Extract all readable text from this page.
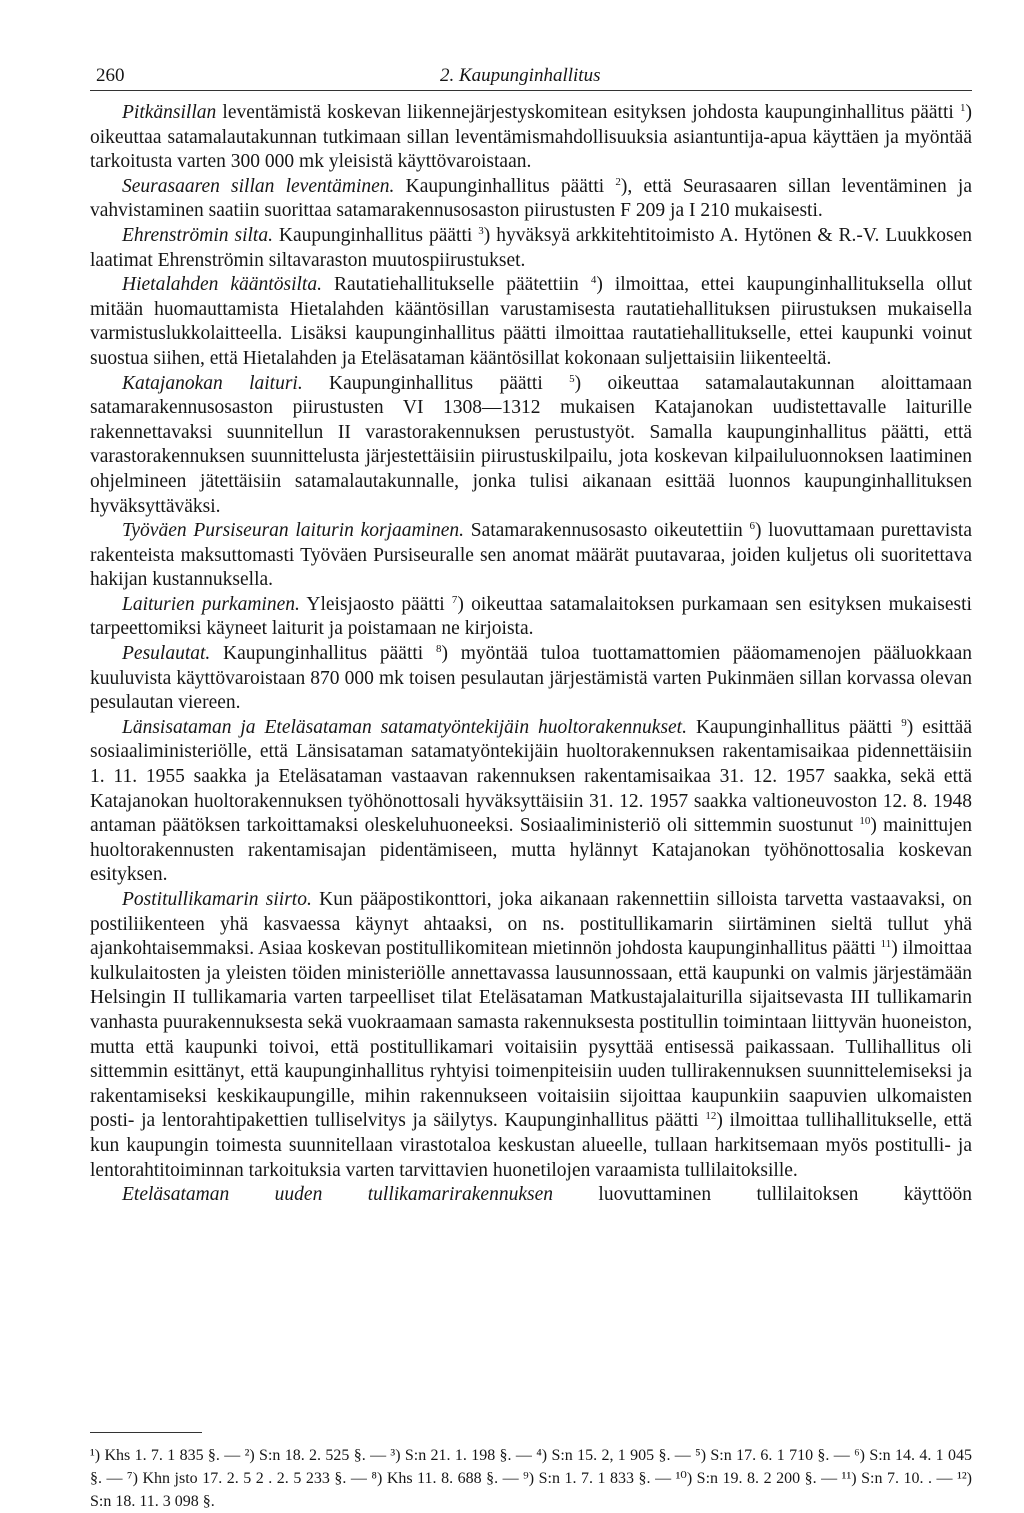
260	2. Kaupunginhallitus

Pitkänsillan leventämistä koskevan liikennejärjestyskomitean esityksen johdosta kaupunginhallitus päätti $^1$) oikeuttaa satamalautakunnan tutkimaan sillan leventämismahdollisuuksia asiantuntija-apua käyttäen ja myöntää tarkoitusta varten 300 000 mk yleisistä käyttövaroistaan.

Seurasaaren sillan leventäminen. Kaupunginhallitus päätti $^2$), että Seurasaaren sillan leventäminen ja vahvistaminen saatiin suorittaa satamarakennusosaston piirustusten F 209 ja I 210 mukaisesti.

Ehrenströmin silta. Kaupunginhallitus päätti $^3$) hyväksyä arkkitehtitoimisto A. Hytönen & R.-V. Luukkosen laatimat Ehrenströmin siltavaraston muutospiirustukset.

Hietalahden kääntösilta. Rautatiehallitukselle päätettiin $^4$) ilmoittaa, ettei kaupunginhallituksella ollut mitään huomauttamista Hietalahden kääntösillan varustamisesta rautatiehallituksen piirustuksen mukaisella varmistuslukkolaitteella. Lisäksi kaupunginhallitus päätti ilmoittaa rautatiehallitukselle, ettei kaupunki voinut suostua siihen, että Hietalahden ja Eteläsataman kääntösillat kokonaan suljettaisiin liikenteeltä.

Katajanokan laituri. Kaupunginhallitus päätti $^5$) oikeuttaa satamalautakunnan aloittamaan satamarakennusosaston piirustusten VI 1308—1312 mukaisen Katajanokan uudistettavalle laiturille rakennettavaksi suunnitellun II varastorakennuksen perustustyöt. Samalla kaupunginhallitus päätti, että varastorakennuksen suunnittelusta järjestettäisiin piirustuskilpailu, jota koskevan kilpailuluonnoksen laatiminen ohjelmineen jätettäisiin satamalautakunnalle, jonka tulisi aikanaan esittää luonnos kaupunginhallituksen hyväksyttäväksi.

Työväen Pursiseuran laiturin korjaaminen. Satamarakennusosasto oikeutettiin $^6$) luovuttamaan purettavista rakenteista maksuttomasti Työväen Pursiseuralle sen anomat määrät puutavaraa, joiden kuljetus oli suoritettava hakijan kustannuksella.

Laiturien purkaminen. Yleisjaosto päätti $^7$) oikeuttaa satamalaitoksen purkamaan sen esityksen mukaisesti tarpeettomiksi käyneet laiturit ja poistamaan ne kirjoista.

Pesulautat. Kaupunginhallitus päätti $^8$) myöntää tuloa tuottamattomien pääomamenojen pääluokkaan kuuluvista käyttövaroistaan 870 000 mk toisen pesulautan järjestämistä varten Pukinmäen sillan korvassa olevan pesulautan viereen.

Länsisataman ja Eteläsataman satamatyöntekijäin huoltorakennukset. Kaupunginhallitus päätti $^9$) esittää sosiaaliministeriölle, että Länsisataman satamatyöntekijäin huoltorakennuksen rakentamisaikaa pidennettäisiin 1. 11. 1955 saakka ja Eteläsataman vastaavan rakennuksen rakentamisaikaa 31. 12. 1957 saakka, sekä että Katajanokan huoltorakennuksen työhönottosali hyväksyttäisiin 31. 12. 1957 saakka valtioneuvoston 12. 8. 1948 antaman päätöksen tarkoittamaksi oleskeluhuoneeksi. Sosiaaliministeriö oli sittemmin suostunut $^{10}$) mainittujen huoltorakennusten rakentamisajan pidentämiseen, mutta hylännyt Katajanokan työhönottosalia koskevan esityksen.

Postitullikamarin siirto. Kun pääpostikonttori, joka aikanaan rakennettiin silloista tarvetta vastaavaksi, on postiliikenteen yhä kasvaessa käynyt ahtaaksi, on ns. postitullikamarin siirtäminen sieltä tullut yhä ajankohtaisemmaksi. Asiaa koskevan postitullikomitean mietinnön johdosta kaupunginhallitus päätti $^{11}$) ilmoittaa kulkulaitosten ja yleisten töiden ministeriölle annettavassa lausunnossaan, että kaupunki on valmis järjestämään Helsingin II tullikamaria varten tarpeelliset tilat Eteläsataman Matkustajalaiturilla sijaitsevasta III tullikamarin vanhasta puurakennuksesta sekä vuokraamaan samasta rakennuksesta postitullin toimintaan liittyvän huoneiston, mutta että kaupunki toivoi, että postitullikamari voitaisiin pysyttää entisessä paikassaan. Tullihallitus oli sittemmin esittänyt, että kaupunginhallitus ryhtyisi toimenpiteisiin uuden tullirakennuksen suunnittelemiseksi ja rakentamiseksi keskikaupungille, mihin rakennukseen voitaisiin sijoittaa kaupunkiin saapuvien ulkomaisten posti- ja lentorahtipakettien tulliselvitys ja säilytys. Kaupunginhallitus päätti $^{12}$) ilmoittaa tullihallitukselle, että kun kaupungin toimesta suunnitellaan virastotaloa keskustan alueelle, tullaan harkitsemaan myös postitulli- ja lentorahtitoiminnan tarkoituksia varten tarvittavien huonetilojen varaamista tullilaitoksille.

Eteläsataman uuden tullikamarirakennuksen luovuttaminen tullilaitoksen käyttöön

¹) Khs 1. 7. 1 835 §. — ²) S:n 18. 2. 525 §. — ³) S:n 21. 1. 198 §. — ⁴) S:n 15. 2, 1 905 §. — ⁵) S:n 17. 6. 1 710 §. — ⁶) S:n 14. 4. 1 045 §. — ⁷) Khn jsto 17. 2. 5 2 . 2. 5 233 §. — ⁸) Khs 11. 8. 688 §. — ⁹) S:n 1. 7. 1 833 §. — ¹⁰) S:n 19. 8. 2 200 §. — ¹¹) S:n 7. 10. . — ¹²) S:n 18. 11. 3 098 §.
